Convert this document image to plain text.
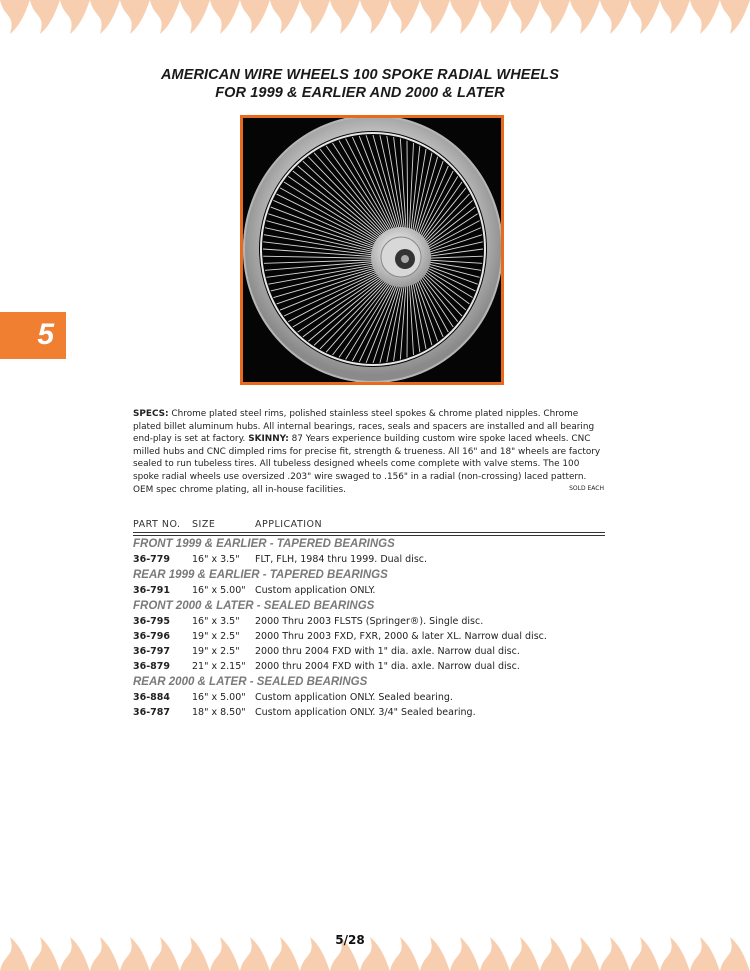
AMERICAN WIRE WHEELS 100 SPOKE RADIAL WHEELS
FOR 1999 & EARLIER AND 2000 & LATER
5
SPECS: Chrome plated steel rims, polished stainless steel spokes & chrome plated nipples. Chrome plated billet aluminum hubs. All internal bearings, races, seals and spacers are installed and all bearing end-play is set at factory. SKINNY: 87 Years experience building custom wire spoke laced wheels. CNC milled hubs and CNC dimpled rims for precise fit, strength & trueness. All 16" and 18" wheels are factory sealed to run tubeless tires. All tubeless designed wheels come complete with valve stems. The 100 spoke radial wheels use oversized .203" wire swaged to .156" in a radial (non-crossing) laced pattern. OEM spec chrome plating, all in-house facilities.	SOLD EACH
PART NO. SIZE	APPLICATION
FRONT 1999 & EARLIER - TAPERED BEARINGS
36-779 16" x 3.5" FLT, FLH, 1984 thru 1999. Dual disc.
REAR 1999 & EARLIER - TAPERED BEARINGS
36-791 16" x 5.00" Custom application ONLY.
FRONT 2000 & LATER - SEALED BEARINGS
36-795 16" x 3.5" 2000 Thru 2003 FLSTS (Springer®). Single disc.
36-796 19" x 2.5" 2000 Thru 2003 FXD, FXR, 2000 & later XL. Narrow dual disc.
36-797 19" x 2.5" 2000 thru 2004 FXD with 1" dia. axle. Narrow dual disc.
36-879 21" x 2.15" 2000 thru 2004 FXD with 1" dia. axle. Narrow dual disc.
REAR 2000 & LATER - SEALED BEARINGS
36-884 16" x 5.00" Custom application ONLY. Sealed bearing.
36-787 18" x 8.50" Custom application ONLY. 3/4" Sealed bearing.
5/28
